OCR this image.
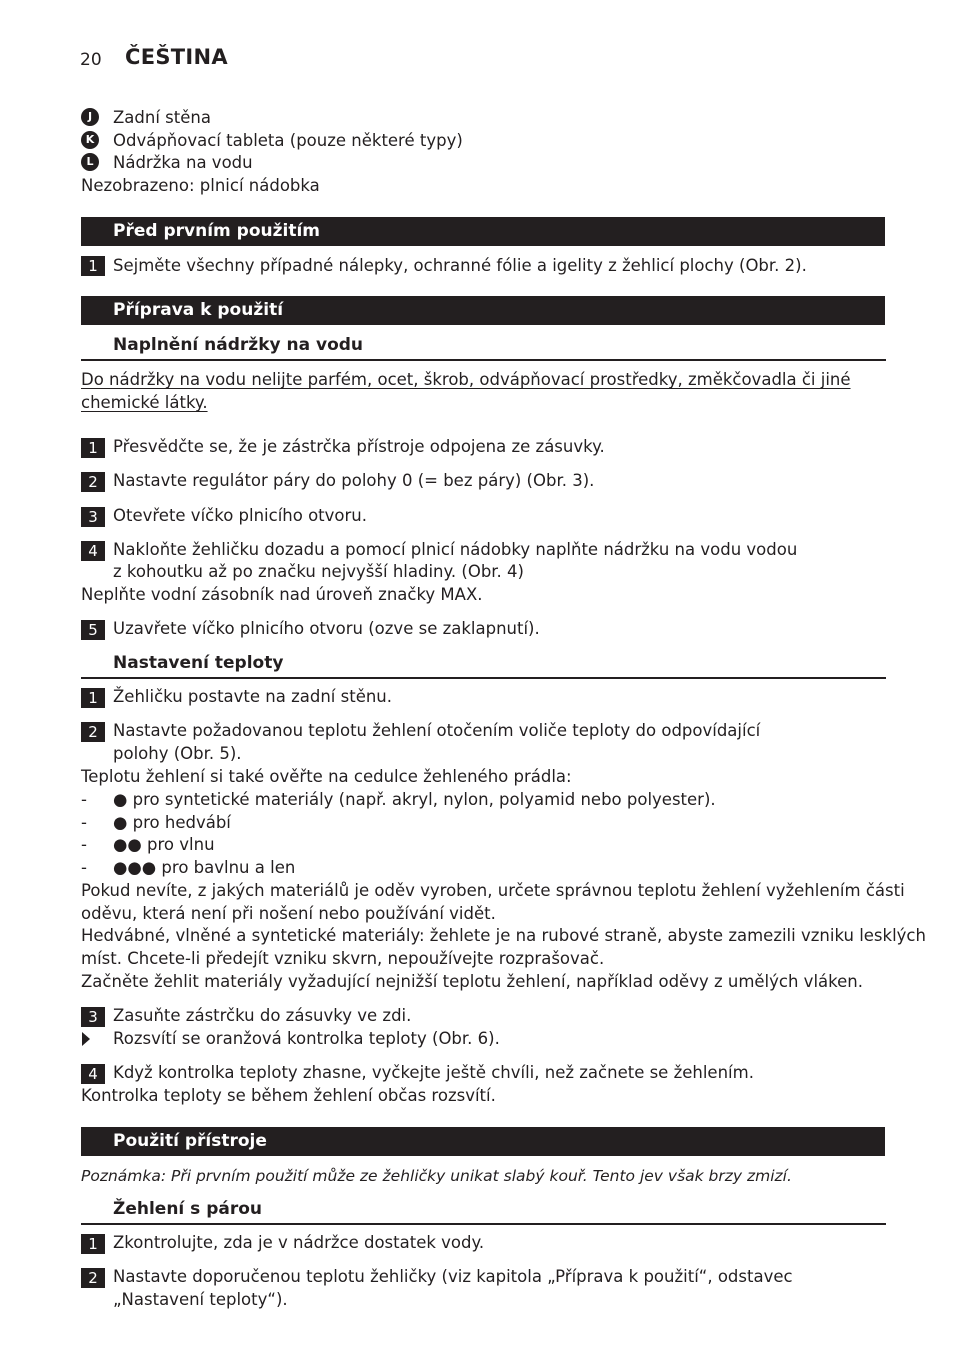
20 ČEŠTINA
J	Zadní stěna
K Odvápňovací tableta (pouze některé typy)
L	Nádržka na vodu
Nezobrazeno: plnicí nádobka
Před prvním použitím
1 Sejměte všechny případné nálepky, ochranné fólie a igelity z žehlicí plochy (Obr. 2).
Příprava k použití
Naplnění nádržky na vodu
Do nádržky na vodu nelijte parfém, ocet, škrob, odvápňovací prostředky, změkčovadla či jiné
chemické látky.
1 Přesvědčte se, že je zástrčka přístroje odpojena ze zásuvky.
2 Nastavte regulátor páry do polohy 0 (= bez páry) (Obr. 3).
3 Otevřete víčko plnicího otvoru.
4 Nakloňte žehličku dozadu a pomocí plnicí nádobky naplňte nádržku na vodu vodou
z kohoutku až po značku nejvyšší hladiny. (Obr. 4)
Neplňte vodní zásobník nad úroveň značky MAX.
5 Uzavřete víčko plnicího otvoru (ozve se zaklapnutí).
Nastavení teploty
1 Žehličku postavte na zadní stěnu.
2 Nastavte požadovanou teplotu žehlení otočením voliče teploty do odpovídající
polohy (Obr. 5).
Teplotu žehlení si také ověřte na cedulce žehleného prádla:
- ● pro syntetické materiály (např. akryl, nylon, polyamid nebo polyester).
- ● pro hedvábí
- ●● pro vlnu
- ●●● pro bavlnu a len
Pokud nevíte, z jakých materiálů je oděv vyroben, určete správnou teplotu žehlení vyžehlením části
oděvu, která není při nošení nebo používání vidět.
Hedvábné, vlněné a syntetické materiály: žehlete je na rubové straně, abyste zamezili vzniku lesklých
míst. Chcete-li předejít vzniku skvrn, nepoužívejte rozprašovač.
Začněte žehlit materiály vyžadující nejnižší teplotu žehlení, například oděvy z umělých vláken.
3 Zasuňte zástrčku do zásuvky ve zdi.
Rozsvítí se oranžová kontrolka teploty (Obr. 6).
4 Když kontrolka teploty zhasne, vyčkejte ještě chvíli, než začnete se žehlením.
Kontrolka teploty se během žehlení občas rozsvítí.
Použití přístroje
Poznámka: Při prvním použití může ze žehličky unikat slabý kouř. Tento jev však brzy zmizí.
Žehlení s párou
1 Zkontrolujte, zda je v nádržce dostatek vody.
2 Nastavte doporučenou teplotu žehličky (viz kapitola „Příprava k použití“, odstavec
„Nastavení teploty“).
